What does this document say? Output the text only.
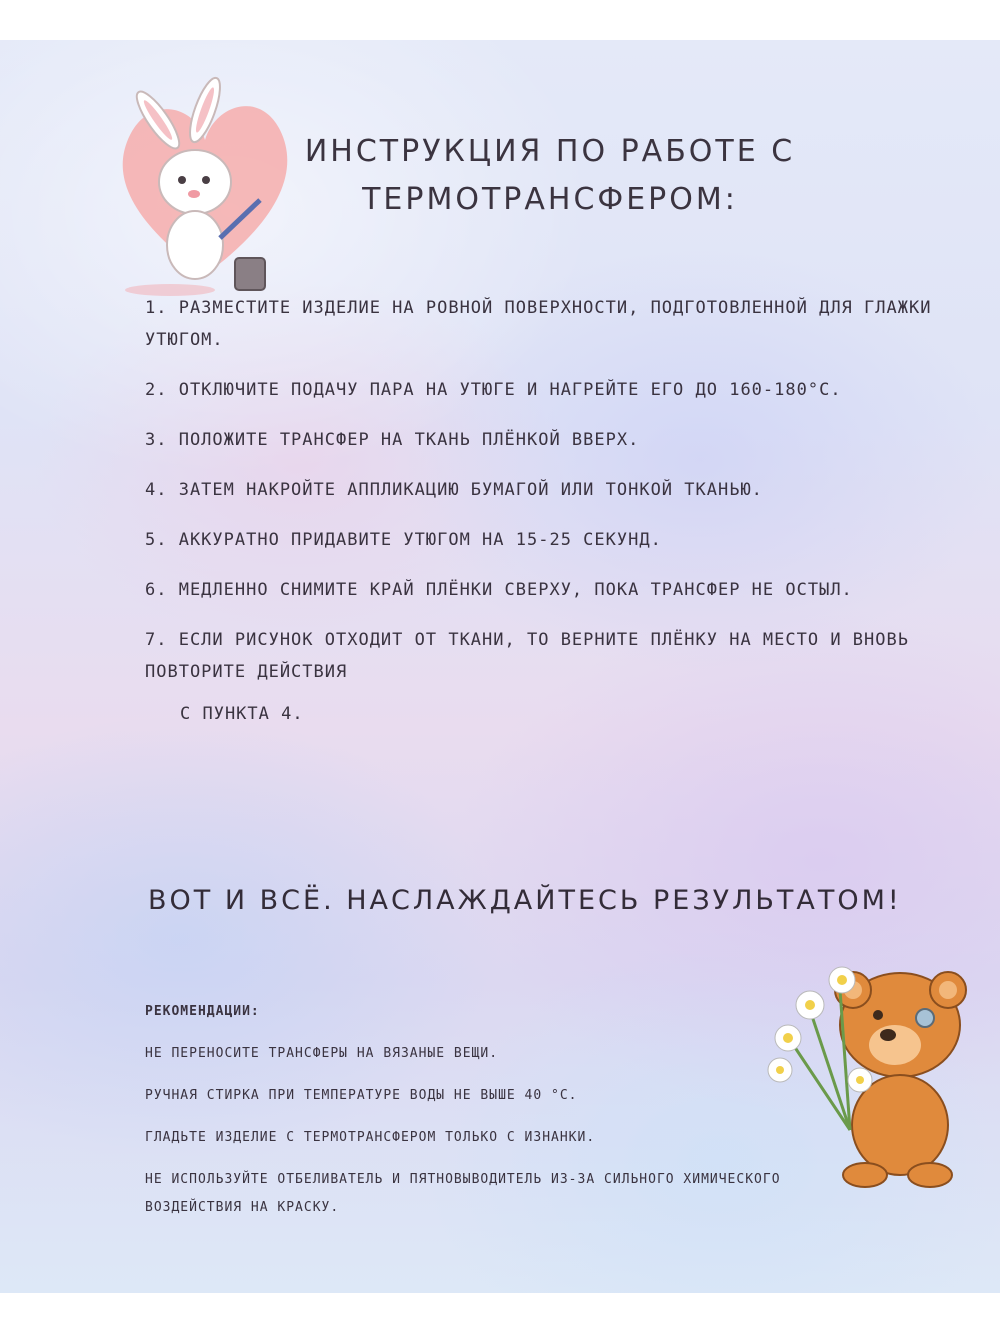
ИНСТРУКЦИЯ ПО РАБОТЕ С
ТЕРМОТРАНСФЕРОМ:
1. РАЗМЕСТИТЕ ИЗДЕЛИЕ НА РОВНОЙ ПОВЕРХНОСТИ, ПОДГОТОВЛЕННОЙ ДЛЯ ГЛАЖКИ УТЮГОМ.
2. ОТКЛЮЧИТЕ ПОДАЧУ ПАРА НА УТЮГЕ И НАГРЕЙТЕ ЕГО ДО 160-180°С.
3. ПОЛОЖИТЕ ТРАНСФЕР НА ТКАНЬ ПЛЁНКОЙ ВВЕРХ.
4. ЗАТЕМ НАКРОЙТЕ АППЛИКАЦИЮ БУМАГОЙ ИЛИ ТОНКОЙ ТКАНЬЮ.
5. АККУРАТНО ПРИДАВИТЕ УТЮГОМ НА 15-25 СЕКУНД.
6. МЕДЛЕННО СНИМИТЕ КРАЙ ПЛЁНКИ СВЕРХУ, ПОКА ТРАНСФЕР НЕ ОСТЫЛ.
7. ЕСЛИ РИСУНОК ОТХОДИТ ОТ ТКАНИ, ТО ВЕРНИТЕ ПЛЁНКУ НА МЕСТО И ВНОВЬ ПОВТОРИТЕ ДЕЙСТВИЯ
С ПУНКТА 4.
ВОТ И ВСЁ. НАСЛАЖДАЙТЕСЬ РЕЗУЛЬТАТОМ!

РЕКОМЕНДАЦИИ:

НЕ ПЕРЕНОСИТЕ ТРАНСФЕРЫ НА ВЯЗАНЫЕ ВЕЩИ.
РУЧНАЯ СТИРКА ПРИ ТЕМПЕРАТУРЕ ВОДЫ НЕ ВЫШЕ 40 °С.
ГЛАДЬТЕ ИЗДЕЛИЕ С ТЕРМОТРАНСФЕРОМ ТОЛЬКО С ИЗНАНКИ.
НЕ ИСПОЛЬЗУЙТЕ ОТБЕЛИВАТЕЛЬ И ПЯТНОВЫВОДИТЕЛЬ ИЗ-ЗА СИЛЬНОГО ХИМИЧЕСКОГО ВОЗДЕЙСТВИЯ НА КРАСКУ.
